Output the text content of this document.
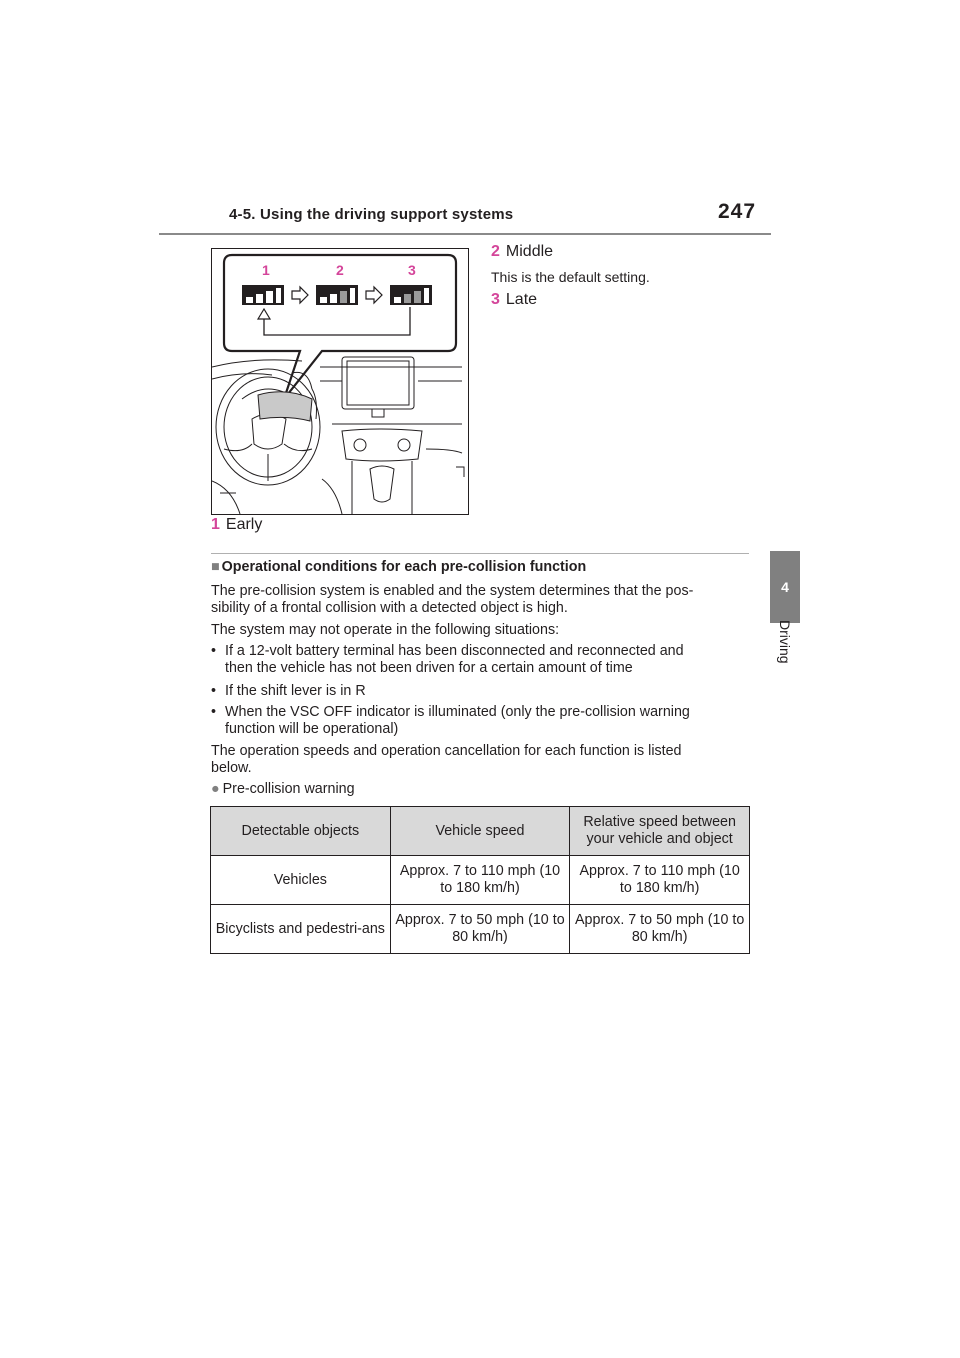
4-5. Using the driving support systems	247
4
Driving
1	2	3
2 Middle
This is the default setting.
3 Late
1 Early
■ Operational conditions for each pre-collision function
The pre-collision system is enabled and the system determines that the pos-
sibility of a frontal collision with a detected object is high.
The system may not operate in the following situations:
• If a 12-volt battery terminal has been disconnected and reconnected and
then the vehicle has not been driven for a certain amount of time
• If the shift lever is in R
• When the VSC OFF indicator is illuminated (only the pre-collision warning
function will be operational)
The operation speeds and operation cancellation for each function is listed
below.
● Pre-collision warning
Detectable objects	Vehicle speed	Relative speed between your vehicle and object
Vehicles	Approx. 7 to 110 mph (10 to 180 km/h)	Approx. 7 to 110 mph (10 to 180 km/h)
Bicyclists and pedestri-ans	Approx. 7 to 50 mph (10 to 80 km/h)	Approx. 7 to 50 mph (10 to 80 km/h)
